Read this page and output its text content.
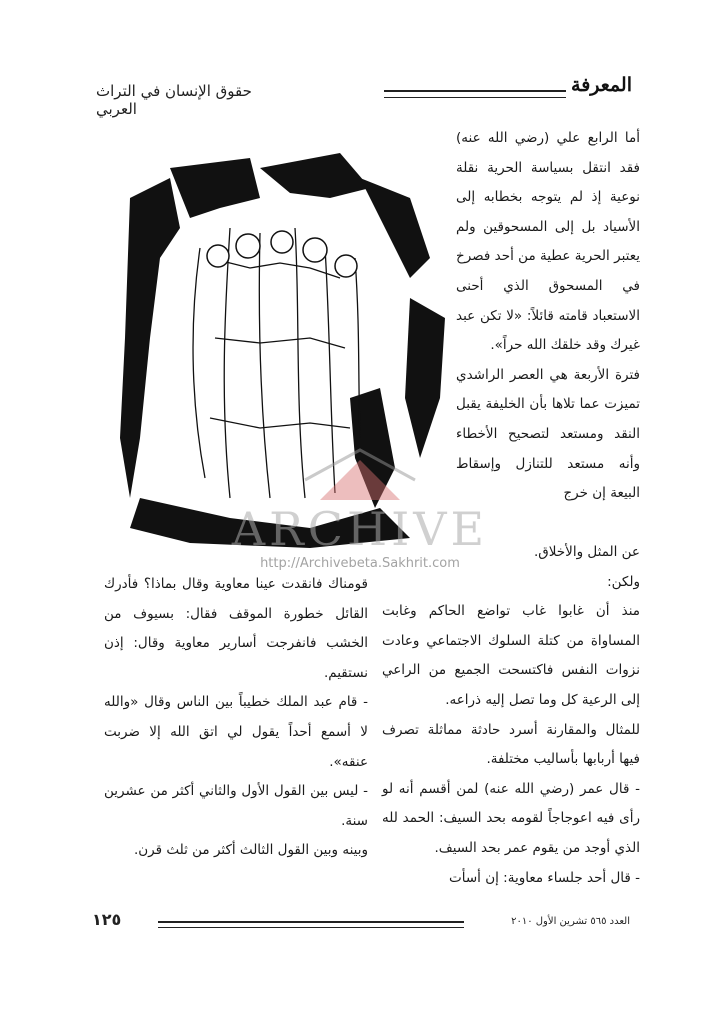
حقوق الإنسان في التراث العربي
المعرفة
ARCHIVE
http://Archivebeta.Sakhrit.com

أما الرابع علي (رضي الله عنه) فقد انتقل بسياسة الحرية نقلة نوعية إذ لم يتوجه بخطابه إلى الأسياد بل إلى المسحوقين ولم يعتبر الحرية عطية من أحد فصرخ في المسحوق الذي أحنى الاستعباد قامته قائلاً: «لا تكن عبد غيرك وقد خلقك الله حراً».

فترة الأربعة هي العصر الراشدي تميزت عما تلاها بأن الخليفة يقبل النقد ومستعد لتصحيح الأخطاء وأنه مستعد للتنازل وإسقاط البيعة إن خرج

عن المثل والأخلاق.

ولكن:

منذ أن غابوا غاب تواضع الحاكم وغابت المساواة من كتلة السلوك الاجتماعي وعادت نزوات النفس فاكتسحت الجميع من الراعي إلى الرعية كل وما تصل إليه ذراعه.

للمثال والمقارنة أسرد حادثة مماثلة تصرف فيها أربابها بأساليب مختلفة.

- قال عمر (رضي الله عنه) لمن أقسم أنه لو رأى فيه اعوجاجاً لقومه بحد السيف: الحمد لله الذي أوجد من يقوم عمر بحد السيف.

- قال أحد جلساء معاوية: إن أسأت

قومناك فانقدت عينا معاوية وقال بماذا؟ فأدرك القائل خطورة الموقف فقال: بسيوف من الخشب فانفرجت أسارير معاوية وقال: إذن نستقيم.

- قام عبد الملك خطيباً بين الناس وقال «والله لا أسمع أحداً يقول لي اتق الله إلا ضربت عنقه».

- ليس بين القول الأول والثاني أكثر من عشرين سنة.

وبينه وبين القول الثالث أكثر من ثلث قرن.

العدد ٥٦٥ تشرين الأول ٢٠١٠
١٢٥
